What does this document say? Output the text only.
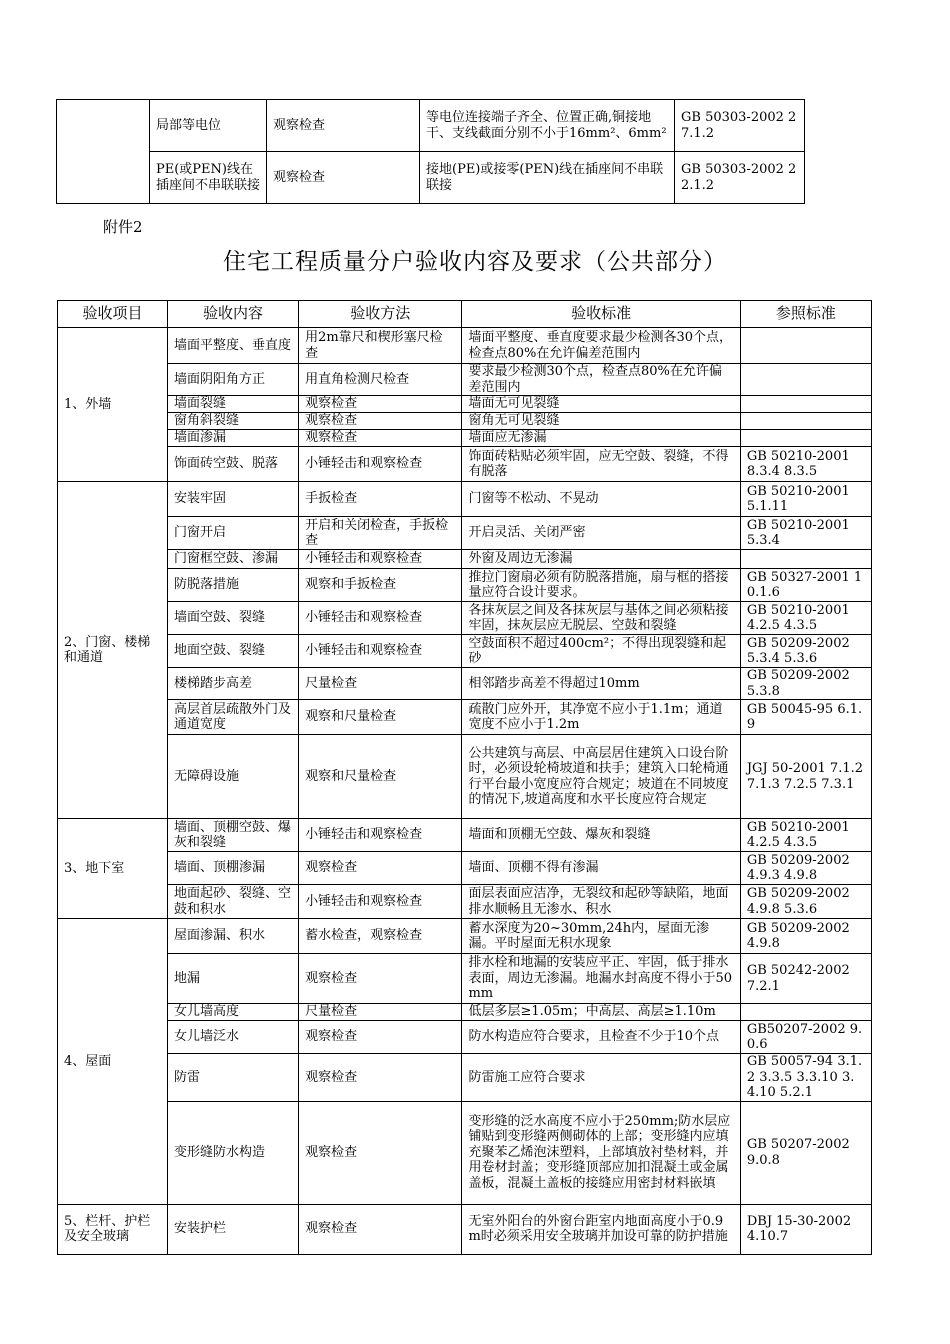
	局部等电位	观察检查	等电位连接端子齐全、位置正确,铜接地干、支线截面分别不小于16mm²、6mm²	GB 50303-2002 27.1.2
	PE(或PEN)线在插座间不串联联接	观察检查	接地(PE)或接零(PEN)线在插座间不串联联接	GB 50303-2002 22.1.2
附件2
住宅工程质量分户验收内容及要求（公共部分）
验收项目	验收内容	验收方法	验收标准	参照标准
1、外墙	墙面平整度、垂直度	用2m靠尺和楔形塞尺检查	墙面平整度、垂直度要求最少检测各30个点，检查点80%在允许偏差范围内	
	墙面阴阳角方正	用直角检测尺检查	要求最少检测30个点，检查点80%在允许偏差范围内	
	墙面裂缝	观察检查	墙面无可见裂缝	
	窗角斜裂缝	观察检查	窗角无可见裂缝	
	墙面渗漏	观察检查	墙面应无渗漏	
	饰面砖空鼓、脱落	小锤轻击和观察检查	饰面砖粘贴必须牢固，应无空鼓、裂缝，不得有脱落	GB 50210-2001 8.3.4 8.3.5
2、门窗、楼梯和通道	安装牢固	手扳检查	门窗等不松动、不晃动	GB 50210-2001 5.1.11
	门窗开启	开启和关闭检查，手扳检查	开启灵活、关闭严密	GB 50210-2001 5.3.4
	门窗框空鼓、渗漏	小锤轻击和观察检查	外窗及周边无渗漏	
	防脱落措施	观察和手扳检查	推拉门窗扇必须有防脱落措施，扇与框的搭接量应符合设计要求。	GB 50327-2001 10.1.6
	墙面空鼓、裂缝	小锤轻击和观察检查	各抹灰层之间及各抹灰层与基体之间必须粘接牢固，抹灰层应无脱层、空鼓和裂缝	GB 50210-2001 4.2.5 4.3.5
	地面空鼓、裂缝	小锤轻击和观察检查	空鼓面积不超过400cm²；不得出现裂缝和起砂	GB 50209-2002 5.3.4 5.3.6
	楼梯踏步高差	尺量检查	相邻踏步高差不得超过10mm	GB 50209-2002 5.3.8
	高层首层疏散外门及通道宽度	观察和尺量检查	疏散门应外开，其净宽不应小于1.1m；通道宽度不应小于1.2m	GB 50045-95 6.1.9
	无障碍设施	观察和尺量检查	公共建筑与高层、中高层居住建筑入口设台阶时，必须设轮椅坡道和扶手；建筑入口轮椅通行平台最小宽度应符合规定；坡道在不同坡度的情况下,坡道高度和水平长度应符合规定	JGJ 50-2001 7.1.2 7.1.3 7.2.5 7.3.1
3、地下室	墙面、顶棚空鼓、爆灰和裂缝	小锤轻击和观察检查	墙面和顶棚无空鼓、爆灰和裂缝	GB 50210-2001 4.2.5 4.3.5
	墙面、顶棚渗漏	观察检查	墙面、顶棚不得有渗漏	GB 50209-2002 4.9.3 4.9.8
	地面起砂、裂缝、空鼓和积水	小锤轻击和观察检查	面层表面应洁净，无裂纹和起砂等缺陷，地面排水顺畅且无渗水、积水	GB 50209-2002 4.9.8 5.3.6
4、屋面	屋面渗漏、积水	蓄水检查，观察检查	蓄水深度为20~30mm,24h内，屋面无渗漏。平时屋面无积水现象	GB 50209-2002 4.9.8
	地漏	观察检查	排水栓和地漏的安装应平正、牢固，低于排水表面，周边无渗漏。地漏水封高度不得小于50mm	GB 50242-2002 7.2.1
	女儿墙高度	尺量检查	低层多层≥1.05m；中高层、高层≥1.10m	
	女儿墙泛水	观察检查	防水构造应符合要求，且检查不少于10个点	GB50207-2002 9.0.6
	防雷	观察检查	防雷施工应符合要求	GB 50057-94 3.1.2 3.3.5 3.3.10 3.4.10 5.2.1
	变形缝防水构造	观察检查	变形缝的泛水高度不应小于250mm;防水层应铺贴到变形缝两侧砌体的上部；变形缝内应填充聚苯乙烯泡沫塑料，上部填放衬垫材料，并用卷材封盖；变形缝顶部应加扣混凝土或金属盖板，混凝土盖板的接缝应用密封材料嵌填	GB 50207-2002 9.0.8
5、栏杆、护栏及安全玻璃	安装护栏	观察检查	无室外阳台的外窗台距室内地面高度小于0.9m时必须采用安全玻璃并加设可靠的防护措施	DBJ 15-30-2002 4.10.7
